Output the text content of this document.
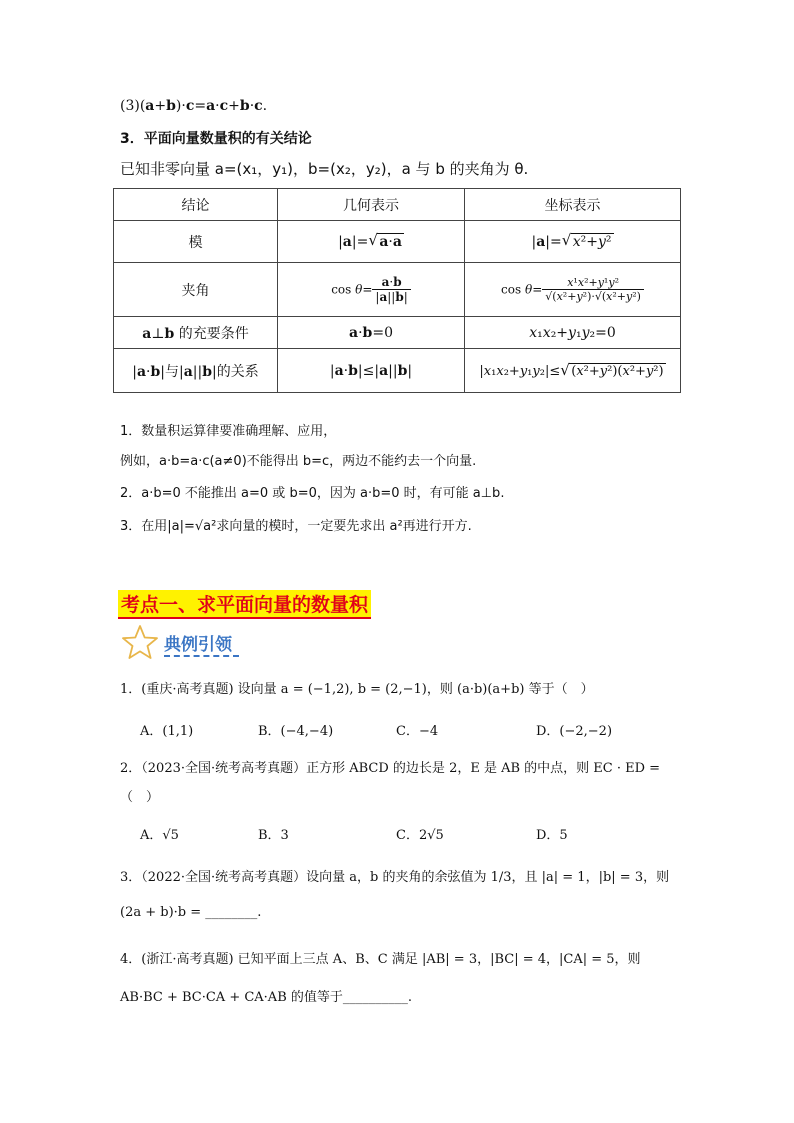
(3)(a+b)·c=a·c+b·c.
3．平面向量数量积的有关结论
已知非零向量 a=(x₁，y₁)，b=(x₂，y₂)，a 与 b 的夹角为 θ.
结论	几何表示	坐标表示
模	|a|= √ a·a	|a|= √ x²+y²
夹角	$\cos \theta= \frac{a\cdot b}{|a||b|}$	$\cos \theta= \frac{\text{x¹x²+y¹y²}}{\text{√(x²+y²)·√(x²+y²)}}$

a⊥b 的充要条件	a·b=0	x₁x₂+y₁y₂=0
|a·b|与|a||b|的关系	|a·b|≤|a||b|	|x₁x₂+y₁y₂|≤ √ (x²+y²)(x²+y²)
1．数量积运算律要准确理解、应用，
例如，a·b=a·c(a≠0)不能得出 b=c，两边不能约去一个向量.
2．a·b=0 不能推出 a=0 或 b=0，因为 a·b=0 时，有可能 a⊥b.
3．在用|a|=√a²求向量的模时，一定要先求出 a²再进行开方.
考点一、求平面向量的数量积
典例引领
1．(重庆·高考真题) 设向量 a = (−1,2), b = (2,−1)，则 (a·b)(a+b) 等于（　）
A．(1,1)	B．(−4,−4)	C．−4	D．(−2,−2)
2．（2023·全国·统考高考真题）正方形 ABCD 的边长是 2，E 是 AB 的中点，则 EC · ED =
（　）
A．√5	B．3	C．2√5	D．5
3．（2022·全国·统考高考真题）设向量 a，b 的夹角的余弦值为 1/3，且 |a| = 1，|b| = 3，则
(2a + b)·b = ________.
4．(浙江·高考真题) 已知平面上三点 A、B、C 满足 |AB| = 3，|BC| = 4，|CA| = 5，则
AB·BC + BC·CA + CA·AB 的值等于__________.
